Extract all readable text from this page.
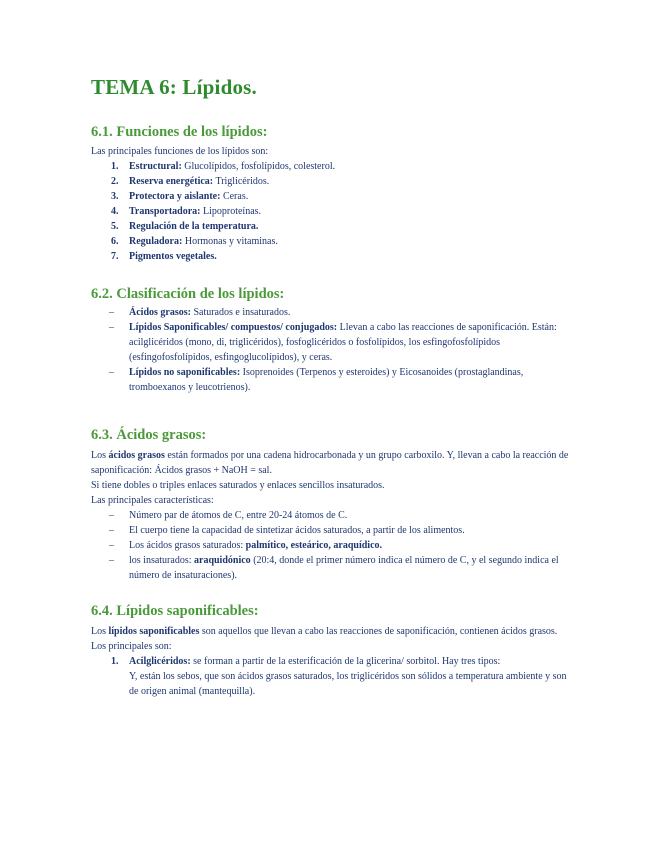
TEMA 6: Lípidos.
6.1. Funciones de los lípidos:

Las principales funciones de los lípidos son:

1. Estructural: Glucolípidos, fosfolípidos, colesterol.
2. Reserva energética: Triglicéridos.
3. Protectora y aislante: Ceras.
4. Transportadora: Lipoproteínas.
5. Regulación de la temperatura.
6. Reguladora: Hormonas y vitaminas.
7. Pigmentos vegetales.
6.2. Clasificación de los lípidos:
– Ácidos grasos: Saturados e insaturados.
– Lípidos Saponificables/ compuestos/ conjugados: Llevan a cabo las reacciones de saponificación. Están: acilglicéridos (mono, di, triglicéridos), fosfoglicéridos o fosfolípidos, los esfingofosfolípidos (esfingofosfolípidos, esfingoglucolípidos), y ceras.
– Lípidos no saponificables: Isoprenoides (Terpenos y esteroides) y Eicosanoides (prostaglandinas, tromboexanos y leucotrienos).
6.3. Ácidos grasos:

Los ácidos grasos están formados por una cadena hidrocarbonada y un grupo carboxilo. Y, llevan a cabo la reacción de saponificación: Ácidos grasos + NaOH = sal.

Si tiene dobles o triples enlaces saturados y enlaces sencillos insaturados.

Las principales características:

– Número par de átomos de C, entre 20-24 átomos de C.
– El cuerpo tiene la capacidad de sintetizar ácidos saturados, a partir de los alimentos.
– Los ácidos grasos saturados: palmítico, esteárico, araquídico.
– los insaturados: araquidónico (20:4, donde el primer número indica el número de C, y el segundo indica el número de insaturaciones).
6.4. Lípidos saponificables:

Los lípidos saponificables son aquellos que llevan a cabo las reacciones de saponificación, contienen ácidos grasos. Los principales son:

1. Acilglicéridos: se forman a partir de la esterificación de la glicerina/ sorbitol. Hay tres tipos:
Y, están los sebos, que son ácidos grasos saturados, los triglicéridos son sólidos a temperatura ambiente y son de origen animal (mantequilla).
